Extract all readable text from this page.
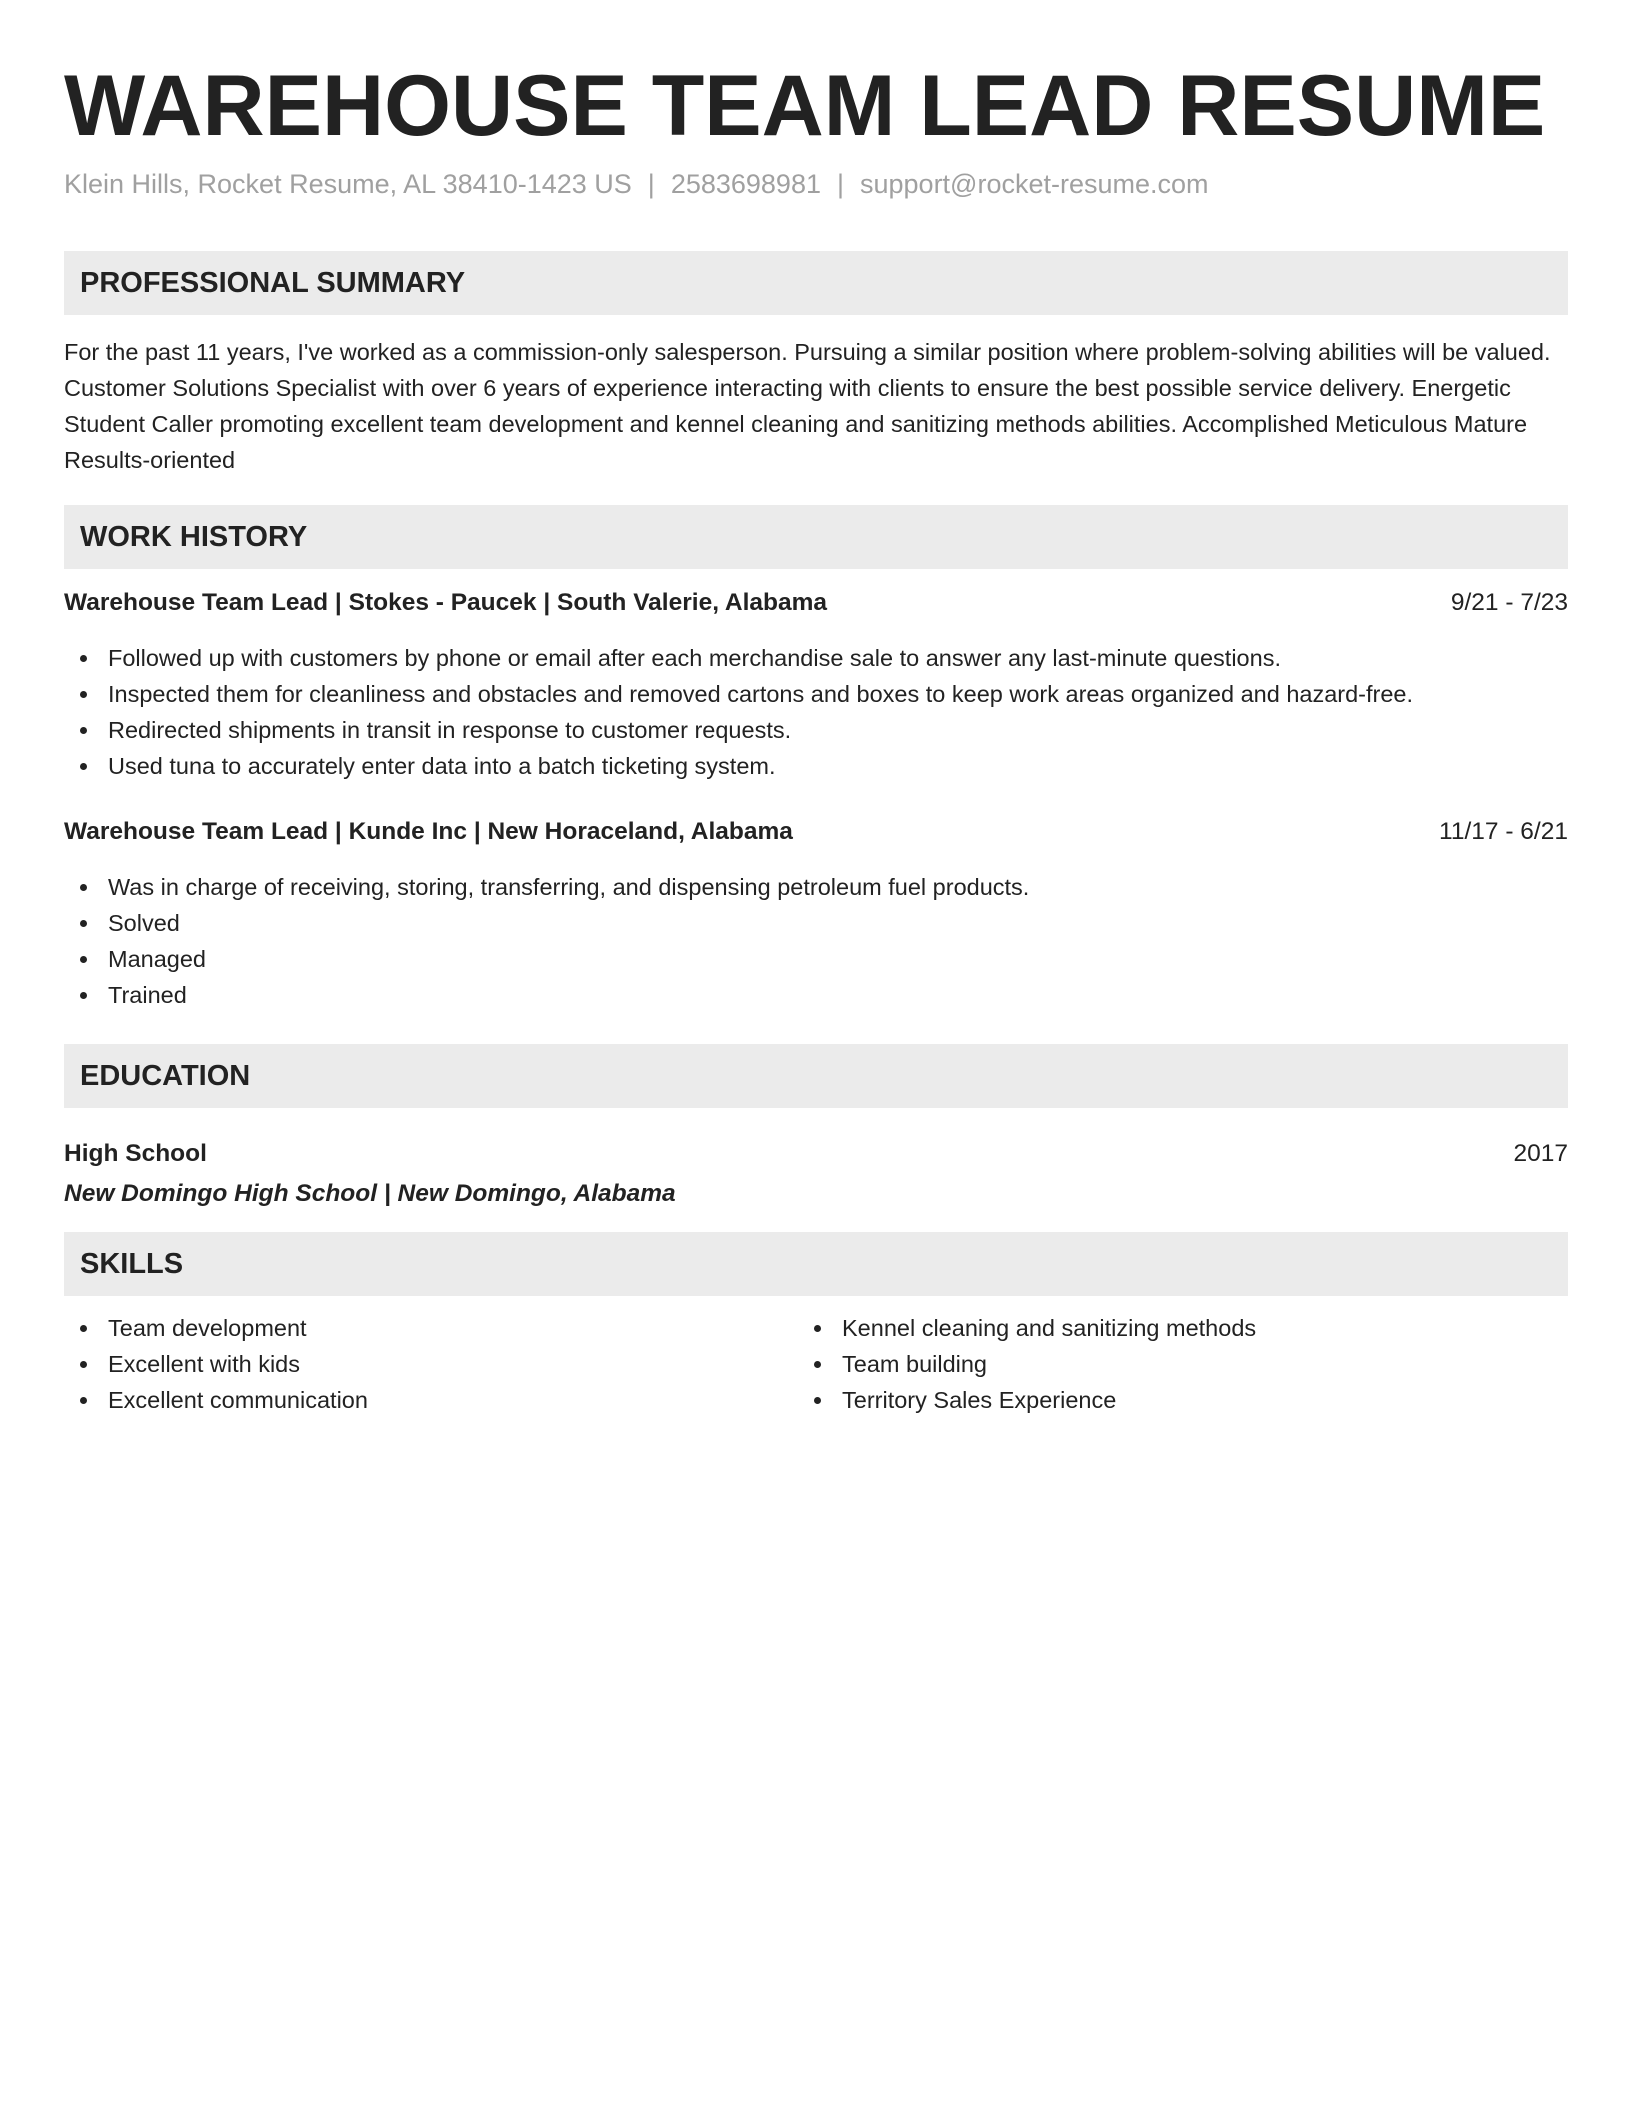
WAREHOUSE TEAM LEAD RESUME
Klein Hills, Rocket Resume, AL 38410-1423 US | 2583698981 | support@rocket-resume.com
PROFESSIONAL SUMMARY
For the past 11 years, I've worked as a commission-only salesperson. Pursuing a similar position where problem-solving abilities will be valued. Customer Solutions Specialist with over 6 years of experience interacting with clients to ensure the best possible service delivery. Energetic Student Caller promoting excellent team development and kennel cleaning and sanitizing methods abilities. Accomplished Meticulous Mature Results-oriented
WORK HISTORY
Warehouse Team Lead | Stokes - Paucek | South Valerie, Alabama	9/21 - 7/23
Followed up with customers by phone or email after each merchandise sale to answer any last-minute questions.
Inspected them for cleanliness and obstacles and removed cartons and boxes to keep work areas organized and hazard-free.
Redirected shipments in transit in response to customer requests.
Used tuna to accurately enter data into a batch ticketing system.
Warehouse Team Lead | Kunde Inc | New Horaceland, Alabama	11/17 - 6/21
Was in charge of receiving, storing, transferring, and dispensing petroleum fuel products.
Solved
Managed
Trained
EDUCATION
High School	2017
New Domingo High School | New Domingo, Alabama
SKILLS
Team development
Excellent with kids
Excellent communication
Kennel cleaning and sanitizing methods
Team building
Territory Sales Experience
